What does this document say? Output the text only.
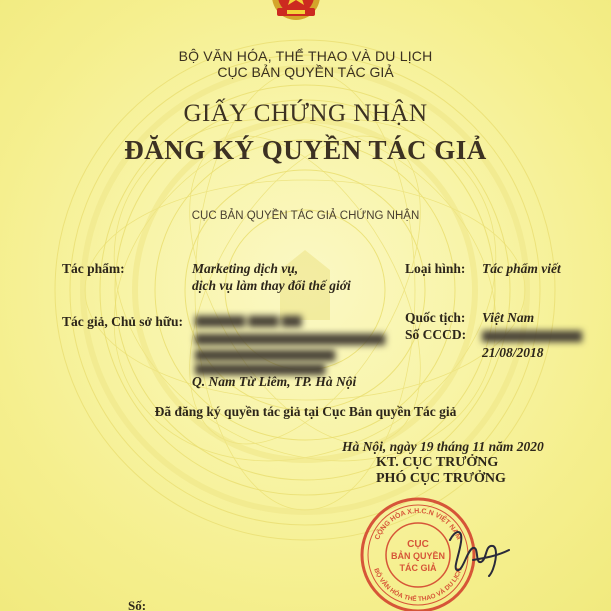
BỘ VĂN HÓA, THỂ THAO VÀ DU LỊCH
CỤC BẢN QUYỀN TÁC GIẢ
GIẤY CHỨNG NHẬN
ĐĂNG KÝ QUYỀN TÁC GIẢ
CỤC BẢN QUYỀN TÁC GIẢ CHỨNG NHẬN
Tác phẩm:	Marketing dịch vụ,
dịch vụ làm thay đổi thế giới
Loại hình: Tác phẩm viết
Tác giả, Chủ sở hữu: ▆▆▆▆▆ ▆▆▆ ▆▆
▆▆▆▆▆▆▆▆▆▆▆▆▆▆▆▆▆▆▆
▆▆▆▆▆▆▆▆▆▆▆▆▆▆
▆▆▆▆▆▆▆▆▆▆▆▆▆
Q. Nam Từ Liêm, TP. Hà Nội
Quốc tịch: Việt Nam
Số CCCD: ▆▆▆▆▆▆▆▆▆▆
21/08/2018
Đã đăng ký quyền tác giả tại Cục Bản quyền Tác giả
Hà Nội, ngày 19 tháng 11 năm 2020
KT. CỤC TRƯỞNG
PHÓ CỤC TRƯỞNG
CỘNG HÒA X.H.C.N VIỆT NAM
BỘ VĂN HÓA THỂ THAO VÀ DU LỊCH
CỤC
BẢN QUYỀN
TÁC GIẢ
Số:
